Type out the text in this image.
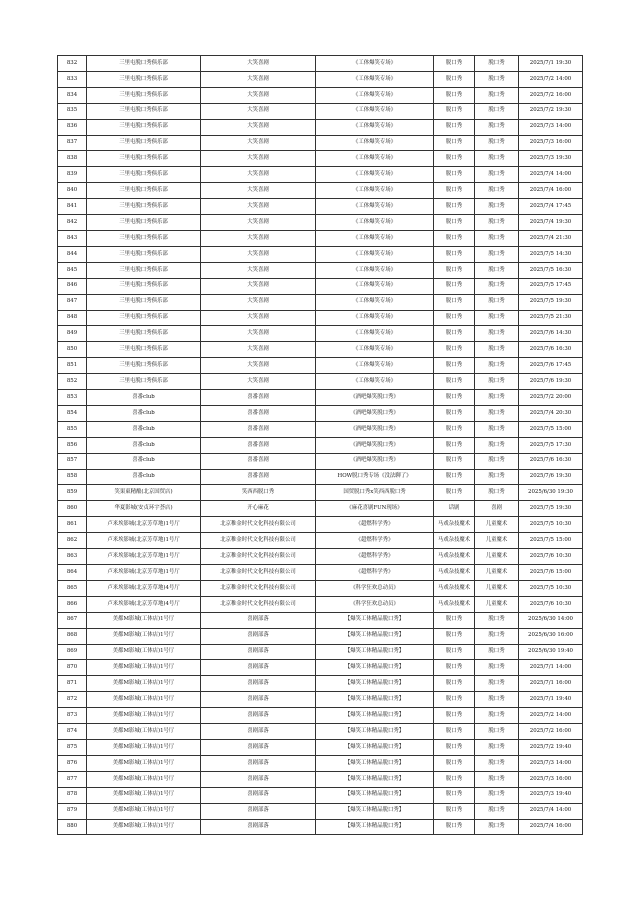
832	三里屯脱口秀俱乐部	大笑喜剧	《工体爆笑专场》	脱口秀	脱口秀	2025/7/1 19:30
833	三里屯脱口秀俱乐部	大笑喜剧	《工体爆笑专场》	脱口秀	脱口秀	2025/7/2 14:00
834	三里屯脱口秀俱乐部	大笑喜剧	《工体爆笑专场》	脱口秀	脱口秀	2025/7/2 16:00
835	三里屯脱口秀俱乐部	大笑喜剧	《工体爆笑专场》	脱口秀	脱口秀	2025/7/2 19:30
836	三里屯脱口秀俱乐部	大笑喜剧	《工体爆笑专场》	脱口秀	脱口秀	2025/7/3 14:00
837	三里屯脱口秀俱乐部	大笑喜剧	《工体爆笑专场》	脱口秀	脱口秀	2025/7/3 16:00
838	三里屯脱口秀俱乐部	大笑喜剧	《工体爆笑专场》	脱口秀	脱口秀	2025/7/3 19:30
839	三里屯脱口秀俱乐部	大笑喜剧	《工体爆笑专场》	脱口秀	脱口秀	2025/7/4 14:00
840	三里屯脱口秀俱乐部	大笑喜剧	《工体爆笑专场》	脱口秀	脱口秀	2025/7/4 16:00
841	三里屯脱口秀俱乐部	大笑喜剧	《工体爆笑专场》	脱口秀	脱口秀	2025/7/4 17:45
842	三里屯脱口秀俱乐部	大笑喜剧	《工体爆笑专场》	脱口秀	脱口秀	2025/7/4 19:30
843	三里屯脱口秀俱乐部	大笑喜剧	《工体爆笑专场》	脱口秀	脱口秀	2025/7/4 21:30
844	三里屯脱口秀俱乐部	大笑喜剧	《工体爆笑专场》	脱口秀	脱口秀	2025/7/5 14:30
845	三里屯脱口秀俱乐部	大笑喜剧	《工体爆笑专场》	脱口秀	脱口秀	2025/7/5 16:30
846	三里屯脱口秀俱乐部	大笑喜剧	《工体爆笑专场》	脱口秀	脱口秀	2025/7/5 17:45
847	三里屯脱口秀俱乐部	大笑喜剧	《工体爆笑专场》	脱口秀	脱口秀	2025/7/5 19:30
848	三里屯脱口秀俱乐部	大笑喜剧	《工体爆笑专场》	脱口秀	脱口秀	2025/7/5 21:30
849	三里屯脱口秀俱乐部	大笑喜剧	《工体爆笑专场》	脱口秀	脱口秀	2025/7/6 14:30
850	三里屯脱口秀俱乐部	大笑喜剧	《工体爆笑专场》	脱口秀	脱口秀	2025/7/6 16:30
851	三里屯脱口秀俱乐部	大笑喜剧	《工体爆笑专场》	脱口秀	脱口秀	2025/7/6 17:45
852	三里屯脱口秀俱乐部	大笑喜剧	《工体爆笑专场》	脱口秀	脱口秀	2025/7/6 19:30
853	喜番club	喜番喜剧	《酒吧爆笑脱口秀》	脱口秀	脱口秀	2025/7/2 20:00
854	喜番club	喜番喜剧	《酒吧爆笑脱口秀》	脱口秀	脱口秀	2025/7/4 20:30
855	喜番club	喜番喜剧	《酒吧爆笑脱口秀》	脱口秀	脱口秀	2025/7/5 15:00
856	喜番club	喜番喜剧	《酒吧爆笑脱口秀》	脱口秀	脱口秀	2025/7/5 17:30
857	喜番club	喜番喜剧	《酒吧爆笑脱口秀》	脱口秀	脱口秀	2025/7/6 16:30
858	喜番club	喜番喜剧	HOW脱口秀专场《没法聊了》	脱口秀	脱口秀	2025/7/6 19:30
859	笑果東精酿(北京国贸店)	笑西西脱口秀	国贸脱口秀x笑西西脱口秀	脱口秀	脱口秀	2025/6/30 19:30
860	华夏影城(安贞环宇荟店)	开心麻花	《麻花喜剧FUN现场》	话剧	喜剧	2025/7/5 19:30
861	卢米埃影城(北京芳草地)1号厅	北京稚金时代文化科技有限公司	《超燃科学秀》	马戏杂技魔术	儿童魔术	2025/7/5 10:30
862	卢米埃影城(北京芳草地)1号厅	北京稚金时代文化科技有限公司	《超燃科学秀》	马戏杂技魔术	儿童魔术	2025/7/5 15:00
863	卢米埃影城(北京芳草地)1号厅	北京稚金时代文化科技有限公司	《超燃科学秀》	马戏杂技魔术	儿童魔术	2025/7/6 10:30
864	卢米埃影城(北京芳草地)1号厅	北京稚金时代文化科技有限公司	《超燃科学秀》	马戏杂技魔术	儿童魔术	2025/7/6 15:00
865	卢米埃影城(北京芳草地)4号厅	北京稚金时代文化科技有限公司	《科学狂欢总动员》	马戏杂技魔术	儿童魔术	2025/7/5 10:30
866	卢米埃影城(北京芳草地)4号厅	北京稚金时代文化科技有限公司	《科学狂欢总动员》	马戏杂技魔术	儿童魔术	2025/7/6 10:30
867	美都M影城(工体店)1号厅	喜剧部落	【爆笑工体精品脱口秀】	脱口秀	脱口秀	2025/6/30 14:00
868	美都M影城(工体店)1号厅	喜剧部落	【爆笑工体精品脱口秀】	脱口秀	脱口秀	2025/6/30 16:00
869	美都M影城(工体店)1号厅	喜剧部落	【爆笑工体精品脱口秀】	脱口秀	脱口秀	2025/6/30 19:40
870	美都M影城(工体店)1号厅	喜剧部落	【爆笑工体精品脱口秀】	脱口秀	脱口秀	2025/7/1 14:00
871	美都M影城(工体店)1号厅	喜剧部落	【爆笑工体精品脱口秀】	脱口秀	脱口秀	2025/7/1 16:00
872	美都M影城(工体店)1号厅	喜剧部落	【爆笑工体精品脱口秀】	脱口秀	脱口秀	2025/7/1 19:40
873	美都M影城(工体店)1号厅	喜剧部落	【爆笑工体精品脱口秀】	脱口秀	脱口秀	2025/7/2 14:00
874	美都M影城(工体店)1号厅	喜剧部落	【爆笑工体精品脱口秀】	脱口秀	脱口秀	2025/7/2 16:00
875	美都M影城(工体店)1号厅	喜剧部落	【爆笑工体精品脱口秀】	脱口秀	脱口秀	2025/7/2 19:40
876	美都M影城(工体店)1号厅	喜剧部落	【爆笑工体精品脱口秀】	脱口秀	脱口秀	2025/7/3 14:00
877	美都M影城(工体店)1号厅	喜剧部落	【爆笑工体精品脱口秀】	脱口秀	脱口秀	2025/7/3 16:00
878	美都M影城(工体店)1号厅	喜剧部落	【爆笑工体精品脱口秀】	脱口秀	脱口秀	2025/7/3 19:40
879	美都M影城(工体店)1号厅	喜剧部落	【爆笑工体精品脱口秀】	脱口秀	脱口秀	2025/7/4 14:00
880	美都M影城(工体店)1号厅	喜剧部落	【爆笑工体精品脱口秀】	脱口秀	脱口秀	2025/7/4 16:00
